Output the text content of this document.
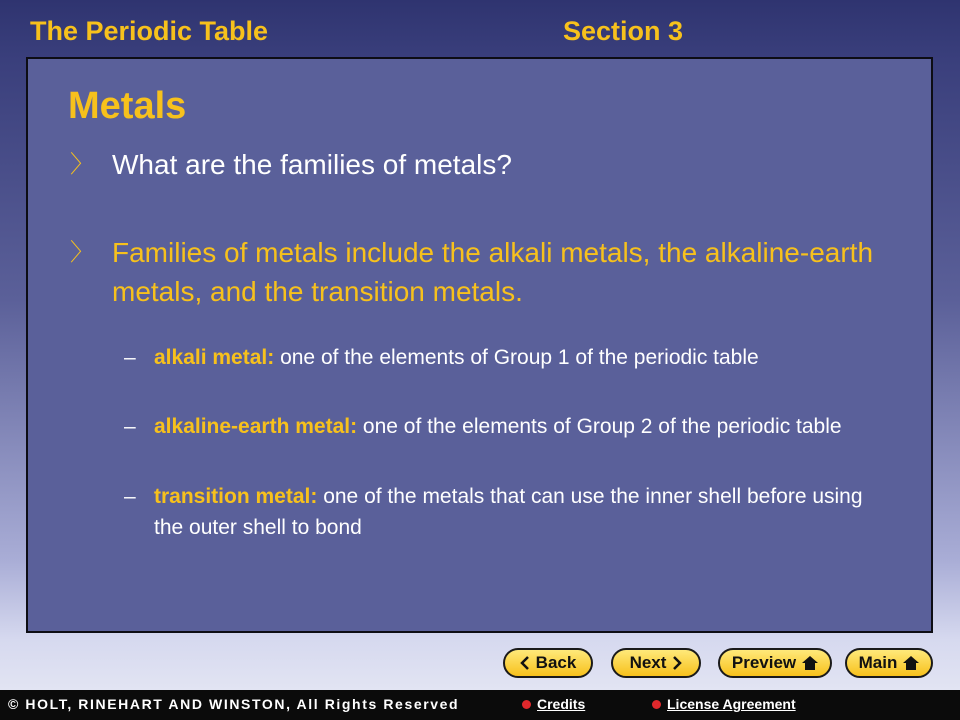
The Periodic Table	Section 3
Metals
〉 What are the families of metals?
〉 Families of metals include the alkali metals, the alkaline-earth metals, and the transition metals.
– alkali metal: one of the elements of Group 1 of the periodic table
– alkaline-earth metal: one of the elements of Group 2 of the periodic table
– transition metal: one of the metals that can use the inner shell before using the outer shell to bond
Back	Next	Preview	Main
© HOLT, RINEHART AND WINSTON, All Rights Reserved	Credits	License Agreement
